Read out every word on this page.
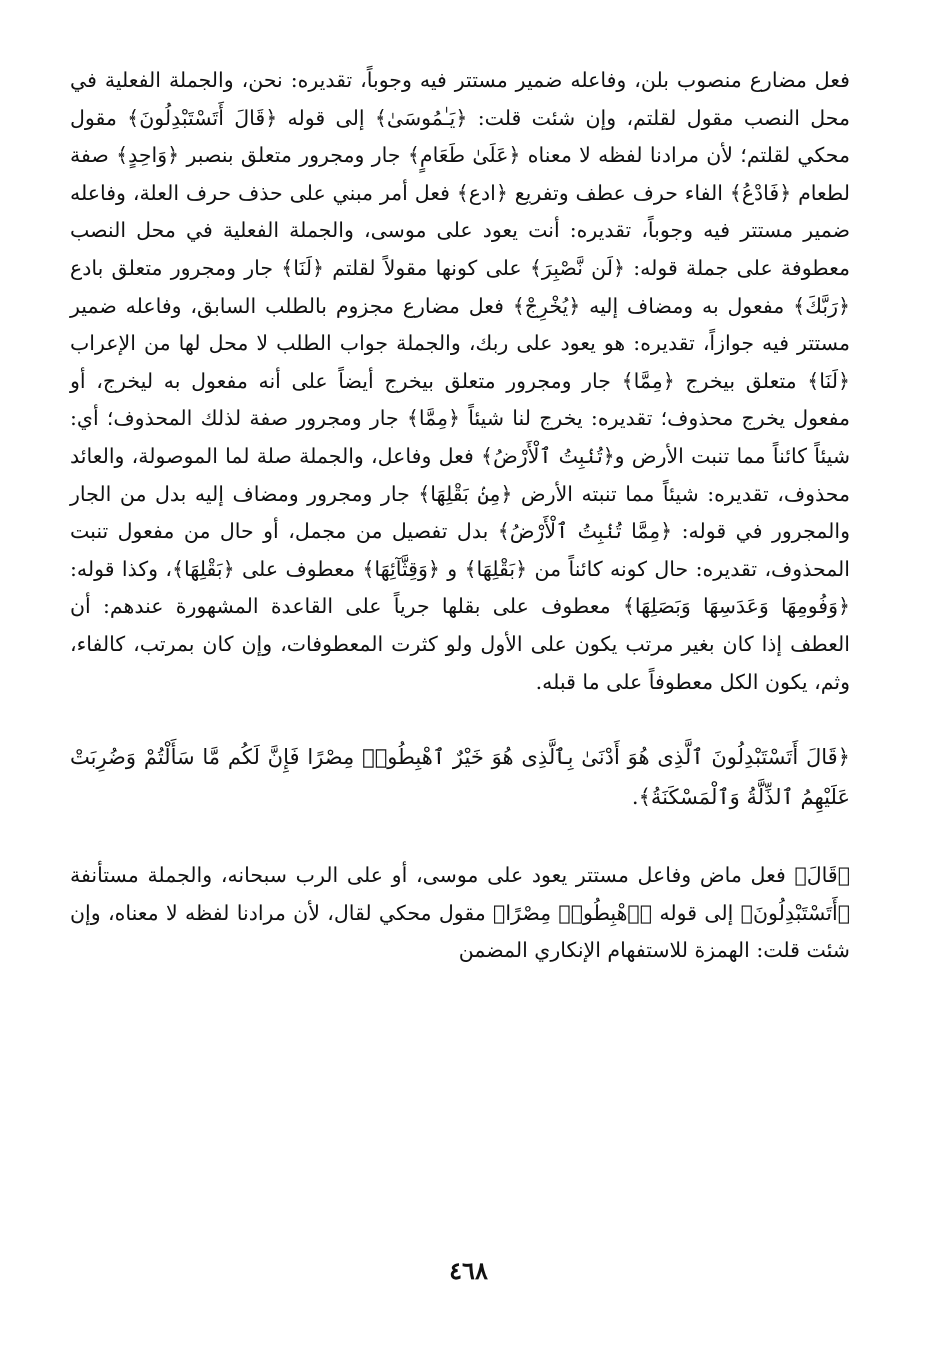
فعل مضارع منصوب بلن، وفاعله ضمير مستتر فيه وجوباً، تقديره: نحن، والجملة الفعلية في محل النصب مقول لقلتم، وإن شئت قلت: ﴿يَـٰمُوسَىٰ﴾ إلى قوله ﴿قَالَ أَتَسْتَبْدِلُونَ﴾ مقول محكي لقلتم؛ لأن مرادنا لفظه لا معناه ﴿عَلَىٰ طَعَامٍ﴾ جار ومجرور متعلق بنصبر ﴿وَاحِدٍ﴾ صفة لطعام ﴿فَادْعُ﴾ الفاء حرف عطف وتفريع ﴿ادع﴾ فعل أمر مبني على حذف حرف العلة، وفاعله ضمير مستتر فيه وجوباً، تقديره: أنت يعود على موسى، والجملة الفعلية في محل النصب معطوفة على جملة قوله: ﴿لَن نَّصْبِرَ﴾ على كونها مقولاً لقلتم ﴿لَنَا﴾ جار ومجرور متعلق بادع ﴿رَبَّكَ﴾ مفعول به ومضاف إليه ﴿يُخْرِجْ﴾ فعل مضارع مجزوم بالطلب السابق، وفاعله ضمير مستتر فيه جوازاً، تقديره: هو يعود على ربك، والجملة جواب الطلب لا محل لها من الإعراب ﴿لَنَا﴾ متعلق بيخرج ﴿مِمَّا﴾ جار ومجرور متعلق بيخرج أيضاً على أنه مفعول به ليخرج، أو مفعول يخرج محذوف؛ تقديره: يخرج لنا شيئاً ﴿مِمَّا﴾ جار ومجرور صفة لذلك المحذوف؛ أي: شيئاً كائناً مما تنبت الأرض و﴿تُنۢبِتُ ٱلْأَرْضُ﴾ فعل وفاعل، والجملة صلة لما الموصولة، والعائد محذوف، تقديره: شيئاً مما تنبته الأرض ﴿مِنۢ بَقْلِهَا﴾ جار ومجرور ومضاف إليه بدل من الجار والمجرور في قوله: ﴿مِمَّا تُنۢبِتُ ٱلْأَرْضُ﴾ بدل تفصيل من مجمل، أو حال من مفعول تنبت المحذوف، تقديره: حال كونه كائناً من ﴿بَقْلِهَا﴾ و ﴿وَقِثَّآئِهَا﴾ معطوف على ﴿بَقْلِهَا﴾، وكذا قوله: ﴿وَفُومِهَا وَعَدَسِهَا وَبَصَلِهَا﴾ معطوف على بقلها جرياً على القاعدة المشهورة عندهم: أن العطف إذا كان بغير مرتب يكون على الأول ولو كثرت المعطوفات، وإن كان بمرتب، كالفاء، وثم، يكون الكل معطوفاً على ما قبله.

﴿قَالَ أَتَسْتَبْدِلُونَ ٱلَّذِى هُوَ أَدْنَىٰ بِٱلَّذِى هُوَ خَيْرٌ ٱهْبِطُوا۟ مِصْرًا فَإِنَّ لَكُم مَّا سَأَلْتُمْ وَضُرِبَتْ عَلَيْهِمُ ٱلذِّلَّةُ وَٱلْمَسْكَنَةُ﴾.

﴿قَالَ﴾ فعل ماض وفاعل مستتر يعود على موسى، أو على الرب سبحانه، والجملة مستأنفة ﴿أَتَسْتَبْدِلُونَ﴾ إلى قوله ﴿ٱهْبِطُوا۟ مِصْرًا﴾ مقول محكي لقال، لأن مرادنا لفظه لا معناه، وإن شئت قلت: الهمزة للاستفهام الإنكاري المضمن

٤٦٨
